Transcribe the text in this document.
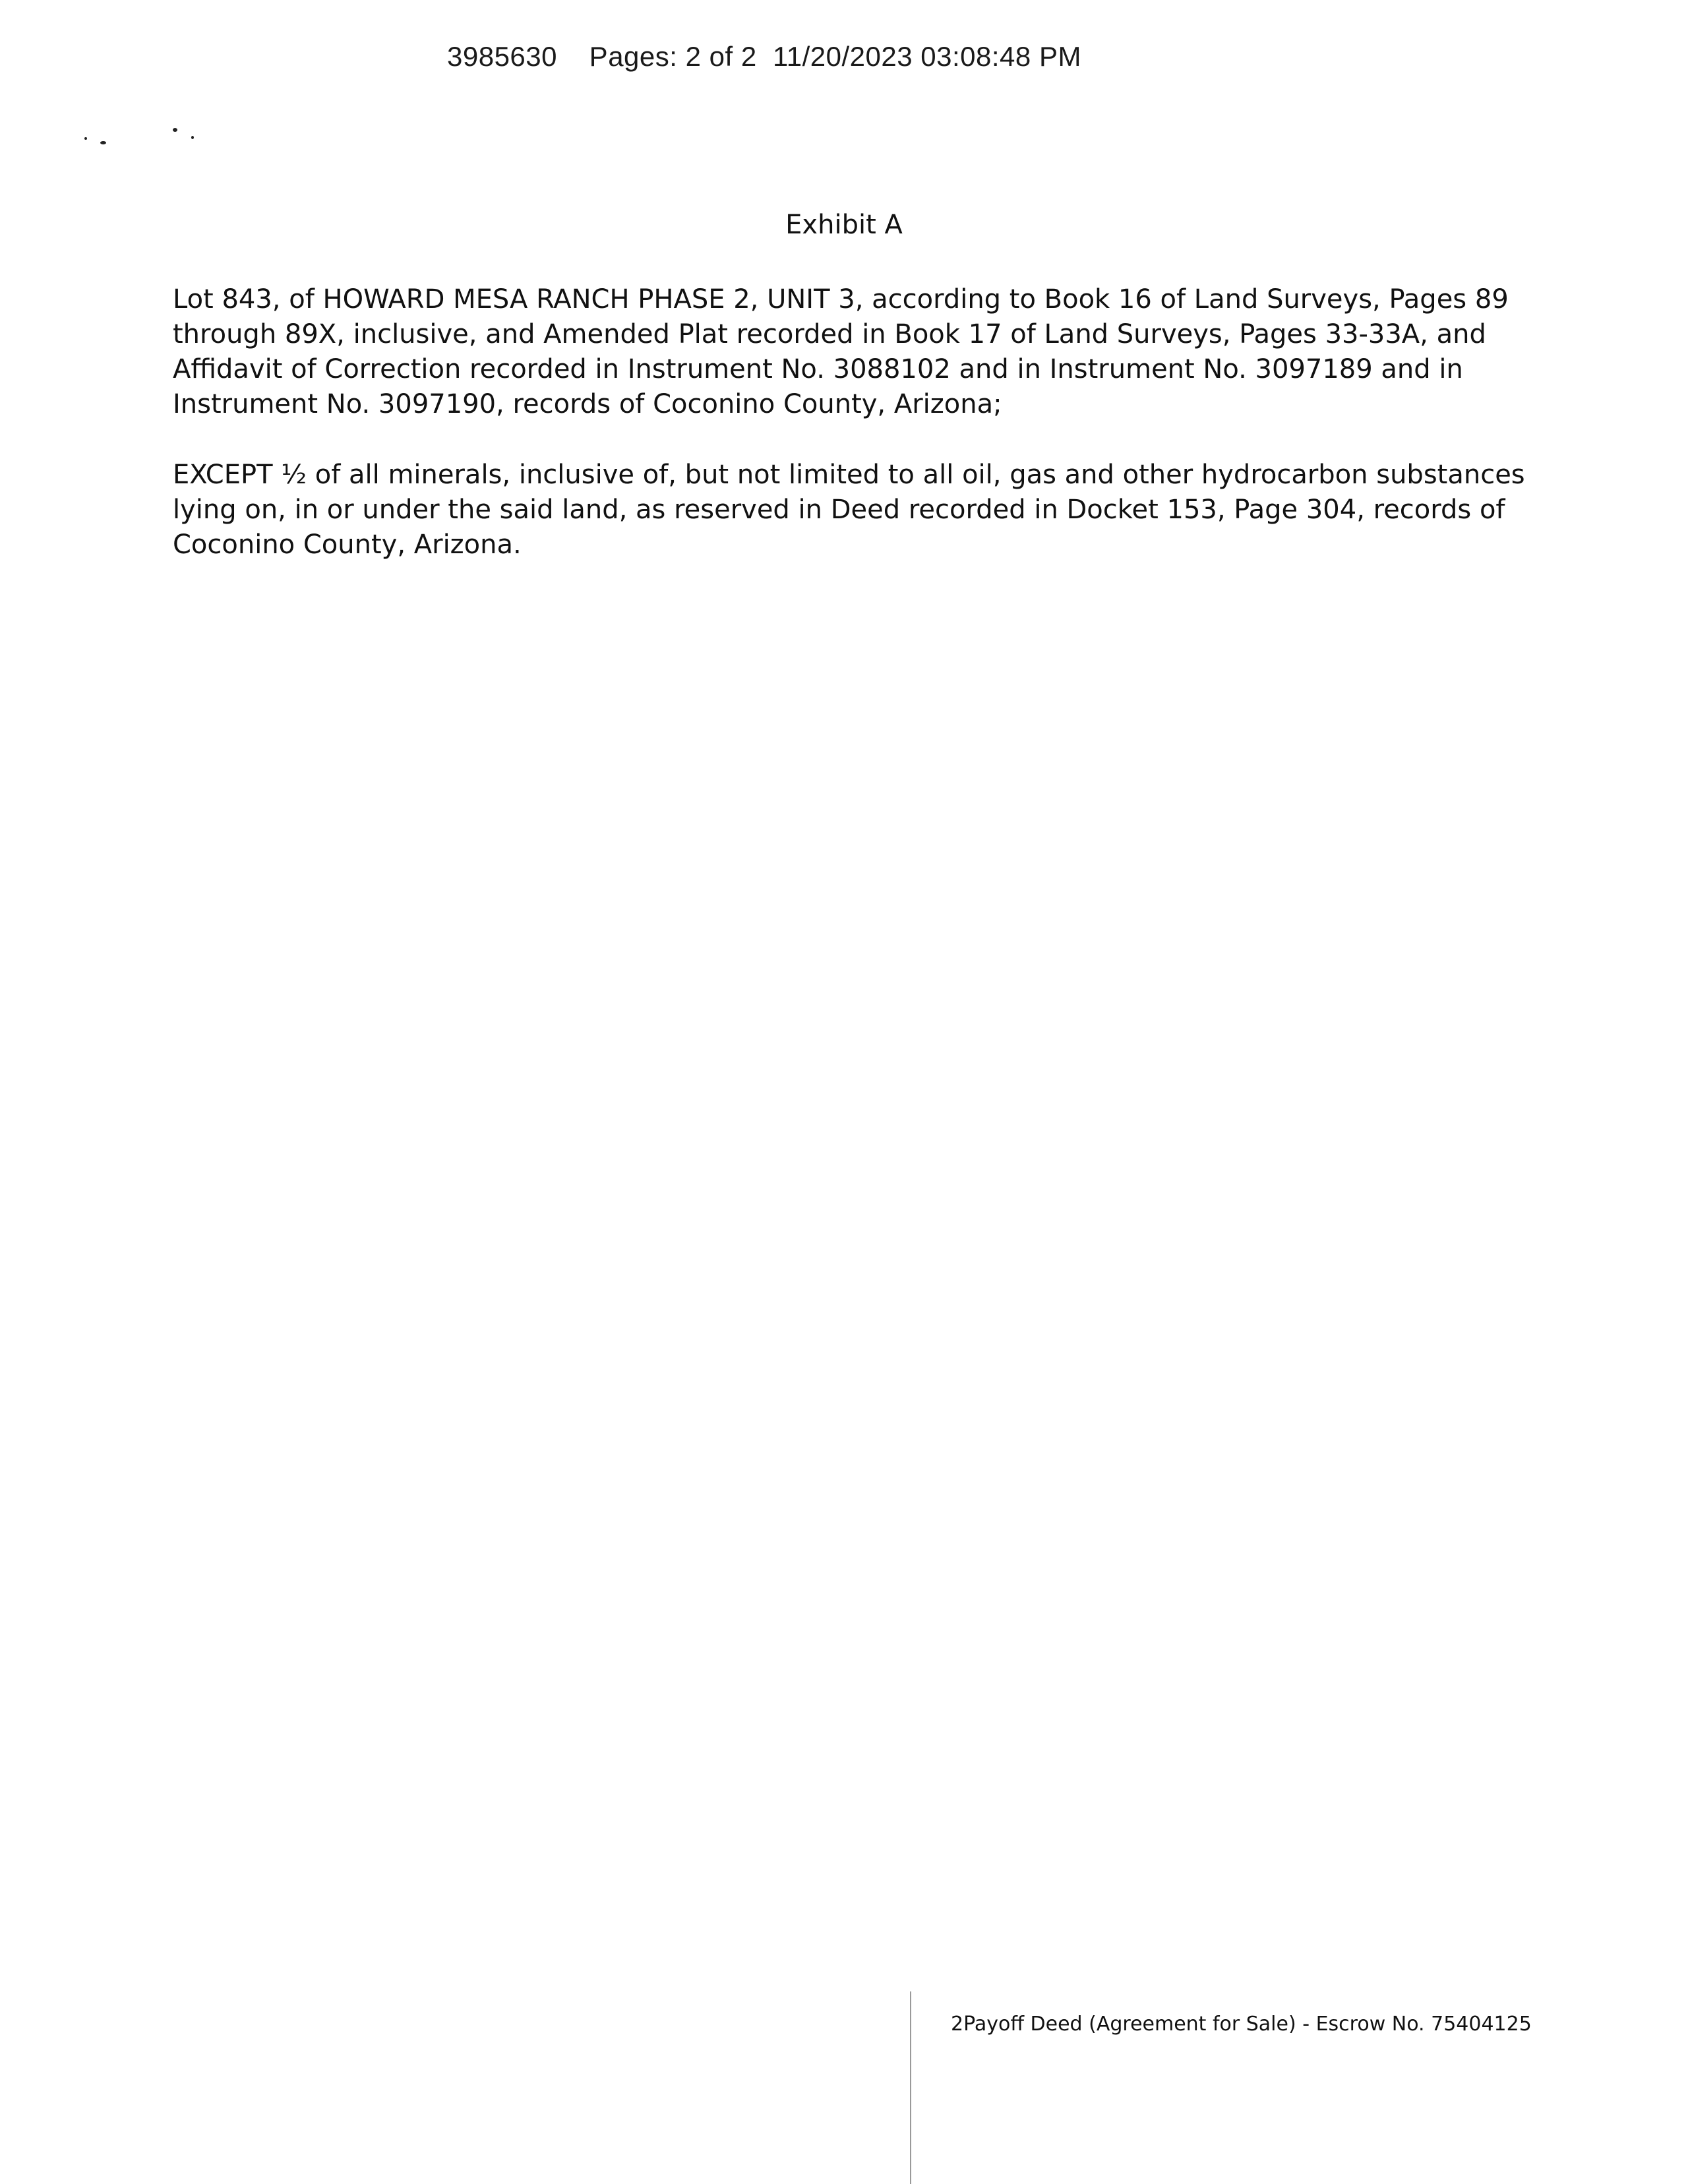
3985630    Pages: 2 of 2  11/20/2023 03:08:48 PM
Exhibit A
Lot 843, of HOWARD MESA RANCH PHASE 2, UNIT 3, according to Book 16 of Land Surveys, Pages 89
through 89X, inclusive, and Amended Plat recorded in Book 17 of Land Surveys, Pages 33-33A, and
Affidavit of Correction recorded in Instrument No. 3088102 and in Instrument No. 3097189 and in
Instrument No. 3097190, records of Coconino County, Arizona;
EXCEPT ½ of all minerals, inclusive of, but not limited to all oil, gas and other hydrocarbon substances
lying on, in or under the said land, as reserved in Deed recorded in Docket 153, Page 304, records of
Coconino County, Arizona.
2Payoff Deed (Agreement for Sale) - Escrow No. 75404125
